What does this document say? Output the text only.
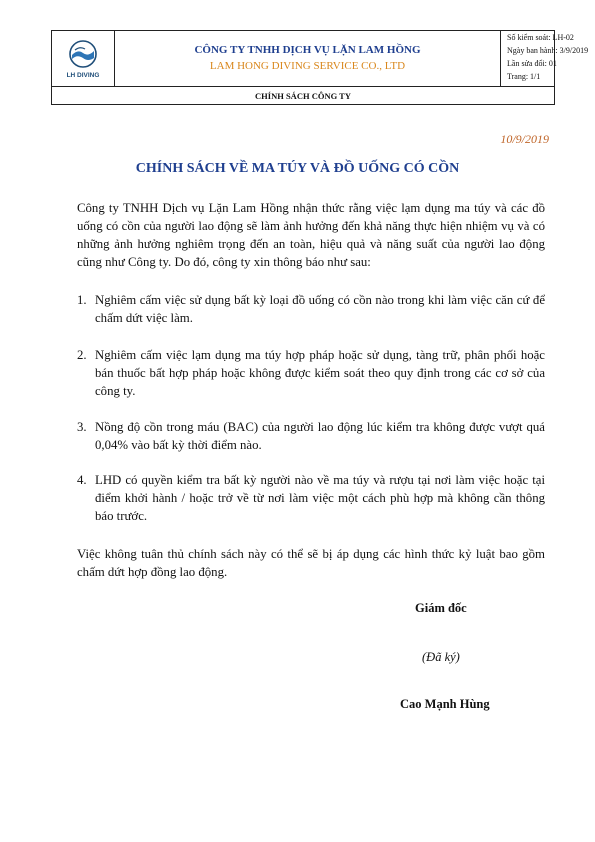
LH DIVING
CÔNG TY TNHH DỊCH VỤ LẶN LAM HỒNG
LAM HONG DIVING SERVICE CO., LTD
Số kiểm soát: LH-02
Ngày ban hành: 3/9/2019
Lần sửa đổi: 01
Trang: 1/1
CHÍNH SÁCH CÔNG TY
10/9/2019
CHÍNH SÁCH VỀ MA TÚY VÀ ĐỒ UỐNG CÓ CỒN
Công ty TNHH Dịch vụ Lặn Lam Hồng nhận thức rằng việc lạm dụng ma túy và các đồ uống có cồn của người lao động sẽ làm ảnh hưởng đến khả năng thực hiện nhiệm vụ và có những ảnh hưởng nghiêm trọng đến an toàn, hiệu quả và năng suất của người lao động cũng như Công ty. Do đó, công ty xin thông báo như sau:
1. Nghiêm cấm việc sử dụng bất kỳ loại đồ uống có cồn nào trong khi làm việc căn cứ để chấm dứt việc làm.
2. Nghiêm cấm việc lạm dụng ma túy hợp pháp hoặc sử dụng, tàng trữ, phân phối hoặc bán thuốc bất hợp pháp hoặc không được kiểm soát theo quy định trong các cơ sở của công ty.
3. Nồng độ cồn trong máu (BAC) của người lao động lúc kiểm tra không được vượt quá 0,04% vào bất kỳ thời điểm nào.
4. LHD có quyền kiểm tra bất kỳ người nào về ma túy và rượu tại nơi làm việc hoặc tại điểm khởi hành / hoặc trở về từ nơi làm việc một cách phù hợp mà không cần thông báo trước.
Việc không tuân thủ chính sách này có thể sẽ bị áp dụng các hình thức kỷ luật bao gồm chấm dứt hợp đồng lao động.
Giám đốc
(Đã ký)
Cao Mạnh Hùng
